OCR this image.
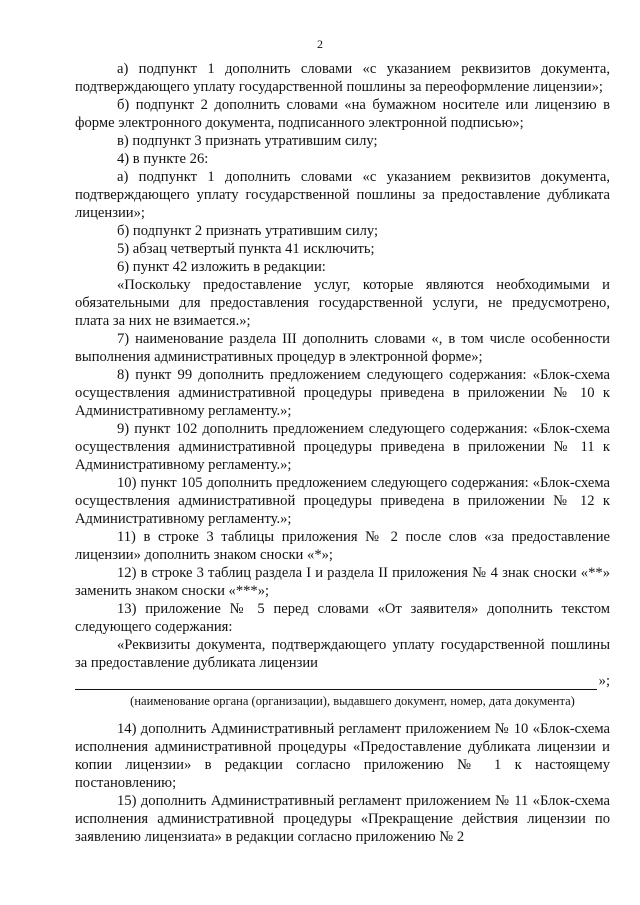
2

а) подпункт 1 дополнить словами «с указанием реквизитов документа, подтверждающего уплату государственной пошлины за переоформление лицензии»;

б) подпункт 2 дополнить словами «на бумажном носителе или лицензию в форме электронного документа, подписанного электронной подписью»;

в) подпункт 3 признать утратившим силу;

4) в пункте 26:

а) подпункт 1 дополнить словами «с указанием реквизитов документа, подтверждающего уплату государственной пошлины за предоставление дубликата лицензии»;

б) подпункт 2 признать утратившим силу;

5) абзац четвертый пункта 41 исключить;

6) пункт 42 изложить в редакции:

«Поскольку предоставление услуг, которые являются необходимыми и обязательными для предоставления государственной услуги, не предусмотрено, плата за них не взимается.»;

7) наименование раздела III дополнить словами «, в том числе особенности выполнения административных процедур в электронной форме»;

8) пункт 99 дополнить предложением следующего содержания: «Блок-схема осуществления административной процедуры приведена в приложении № 10 к Административному регламенту.»;

9) пункт 102 дополнить предложением следующего содержания: «Блок-схема осуществления административной процедуры приведена в приложении № 11 к Административному регламенту.»;

10) пункт 105 дополнить предложением следующего содержания: «Блок-схема осуществления административной процедуры приведена в приложении № 12 к Административному регламенту.»;

11) в строке 3 таблицы приложения № 2 после слов «за предоставление лицензии» дополнить знаком сноски «*»;

12) в строке 3 таблиц раздела I и раздела II приложения № 4 знак сноски «**» заменить знаком сноски «***»;

13) приложение № 5 перед словами «От заявителя» дополнить текстом следующего содержания:

«Реквизиты документа, подтверждающего уплату государственной пошлины за предоставление дубликата лицензии

»;
(наименование органа (организации), выдавшего документ, номер, дата документа)

14) дополнить Административный регламент приложением № 10 «Блок-схема исполнения административной процедуры «Предоставление дубликата лицензии и копии лицензии» в редакции согласно приложению № 1 к настоящему постановлению;

15) дополнить Административный регламент приложением № 11 «Блок-схема исполнения административной процедуры «Прекращение действия лицензии по заявлению лицензиата» в редакции согласно приложению № 2
